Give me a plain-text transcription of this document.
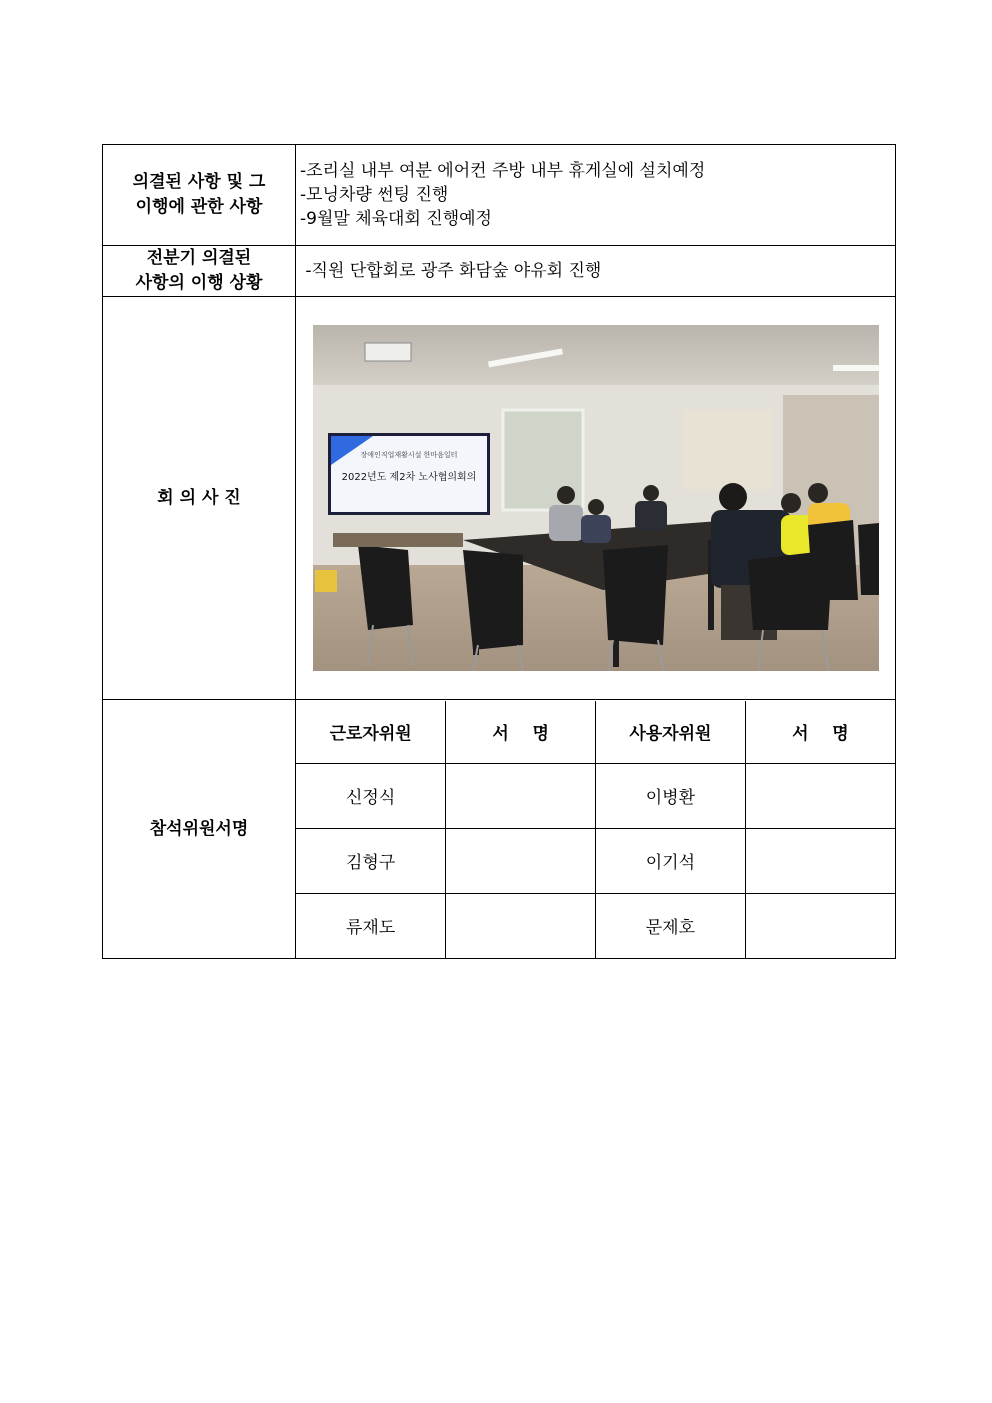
의결된 사항 및 그
이행에 관한 사항

-조리실 내부 여분 에어컨 주방 내부 휴게실에 설치예정
-모닝차량 썬팅 진행
-9월말 체육대회 진행예정

전분기 의결된
사항의 이행 상황

-직원 단합회로 광주 화담숲 야유회 진행

회 의 사 진	
장애인직업재활시설 한마음일터
2022년도 제2차 노사협의회의

참석위원서명	
근로자위원	서    명	사용자위원	서    명
신정식		이병환	
김형구		이기석	
류재도		문제호	
